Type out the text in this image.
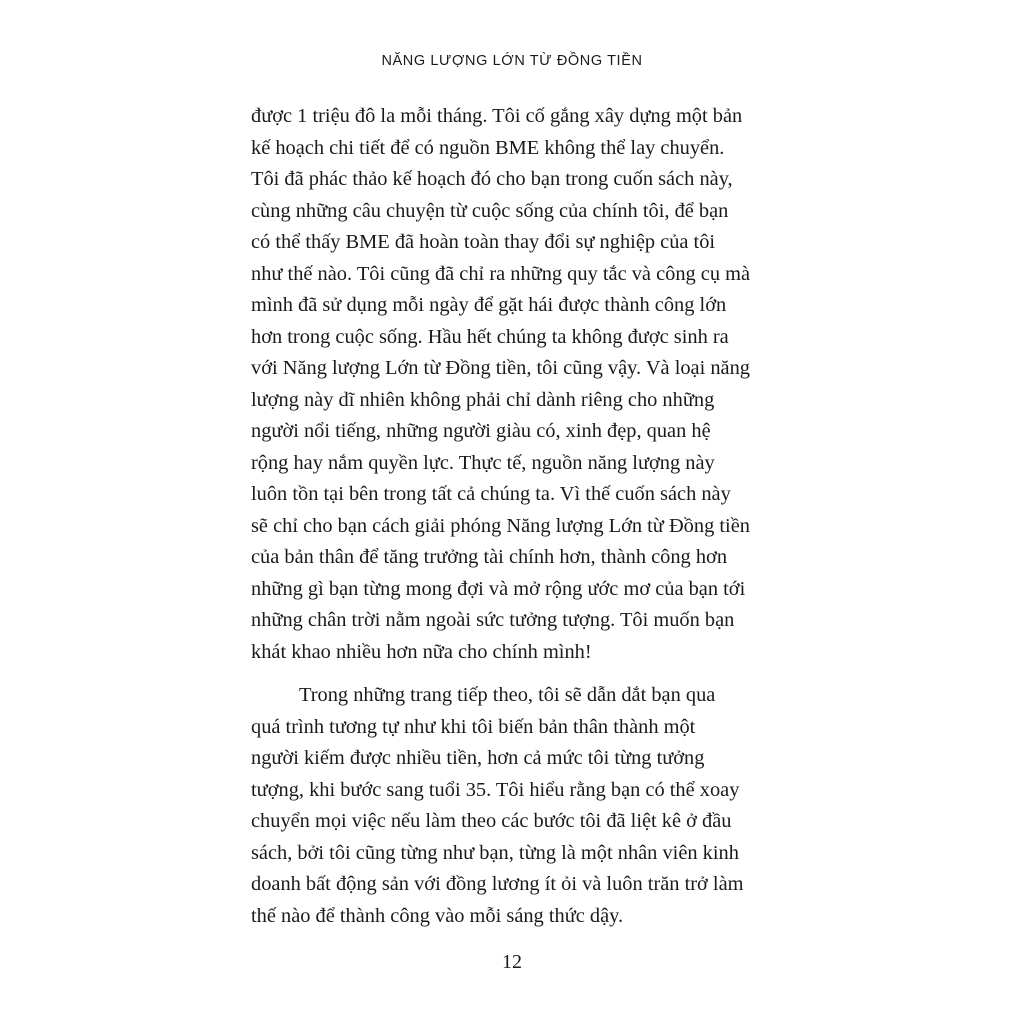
NĂNG LƯỢNG LỚN TỪ ĐỒNG TIỀN
được 1 triệu đô la mỗi tháng. Tôi cố gắng xây dựng một bản
kế hoạch chi tiết để có nguồn BME không thể lay chuyển.
Tôi đã phác thảo kế hoạch đó cho bạn trong cuốn sách này,
cùng những câu chuyện từ cuộc sống của chính tôi, để bạn
có thể thấy BME đã hoàn toàn thay đổi sự nghiệp của tôi
như thế nào. Tôi cũng đã chỉ ra những quy tắc và công cụ mà
mình đã sử dụng mỗi ngày để gặt hái được thành công lớn
hơn trong cuộc sống. Hầu hết chúng ta không được sinh ra
với Năng lượng Lớn từ Đồng tiền, tôi cũng vậy. Và loại năng
lượng này dĩ nhiên không phải chỉ dành riêng cho những
người nổi tiếng, những người giàu có, xinh đẹp, quan hệ
rộng hay nắm quyền lực. Thực tế, nguồn năng lượng này
luôn tồn tại bên trong tất cả chúng ta. Vì thế cuốn sách này
sẽ chỉ cho bạn cách giải phóng Năng lượng Lớn từ Đồng tiền
của bản thân để tăng trưởng tài chính hơn, thành công hơn
những gì bạn từng mong đợi và mở rộng ước mơ của bạn tới
những chân trời nằm ngoài sức tưởng tượng. Tôi muốn bạn
khát khao nhiều hơn nữa cho chính mình!
Trong những trang tiếp theo, tôi sẽ dẫn dắt bạn qua
quá trình tương tự như khi tôi biến bản thân thành một
người kiếm được nhiều tiền, hơn cả mức tôi từng tưởng
tượng, khi bước sang tuổi 35. Tôi hiểu rằng bạn có thể xoay
chuyển mọi việc nếu làm theo các bước tôi đã liệt kê ở đầu
sách, bởi tôi cũng từng như bạn, từng là một nhân viên kinh
doanh bất động sản với đồng lương ít ỏi và luôn trăn trở làm
thế nào để thành công vào mỗi sáng thức dậy.
12
